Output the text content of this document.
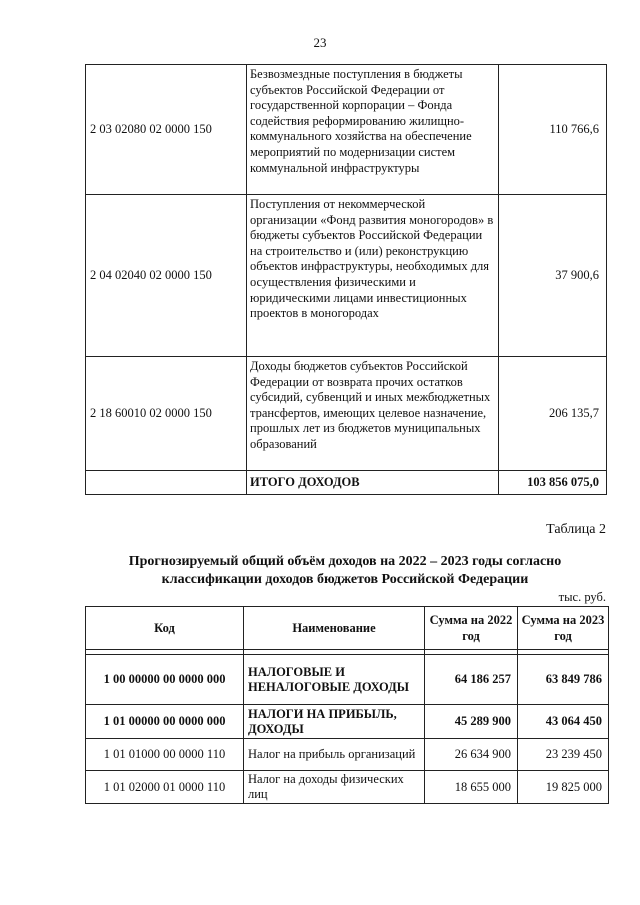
23
2 03 02080 02 0000 150	Безвозмездные поступления в бюджеты субъектов Российской Федерации от государственной корпорации – Фонда содействия реформированию жилищно-коммунального хозяйства на обеспечение мероприятий по модернизации систем коммунальной инфраструктуры	110 766,6
2 04 02040 02 0000 150	Поступления от некоммерческой организации «Фонд развития моногородов» в бюджеты субъектов Российской Федерации на строительство и (или) реконструкцию объектов инфраструктуры, необходимых для осуществления физическими и юридическими лицами инвестиционных проектов в моногородах	37 900,6
2 18 60010 02 0000 150	Доходы бюджетов субъектов Российской Федерации от возврата прочих остатков субсидий, субвенций и иных межбюджетных трансфертов, имеющих целевое назначение, прошлых лет из бюджетов муниципальных образований	206 135,7
	ИТОГО ДОХОДОВ	103 856 075,0
Таблица 2
Прогнозируемый общий объём доходов на 2022 – 2023 годы согласно
классификации доходов бюджетов Российской Федерации
тыс. руб.
Код	Наименование	Сумма на 2022 год	Сумма на 2023 год

1 00 00000 00 0000 000	НАЛОГОВЫЕ И НЕНАЛОГОВЫЕ ДОХОДЫ	64 186 257	63 849 786
1 01 00000 00 0000 000	НАЛОГИ НА ПРИБЫЛЬ, ДОХОДЫ	45 289 900	43 064 450
1 01 01000 00 0000 110	Налог на прибыль организаций	26 634 900	23 239 450
1 01 02000 01 0000 110	Налог на доходы физических лиц	18 655 000	19 825 000
